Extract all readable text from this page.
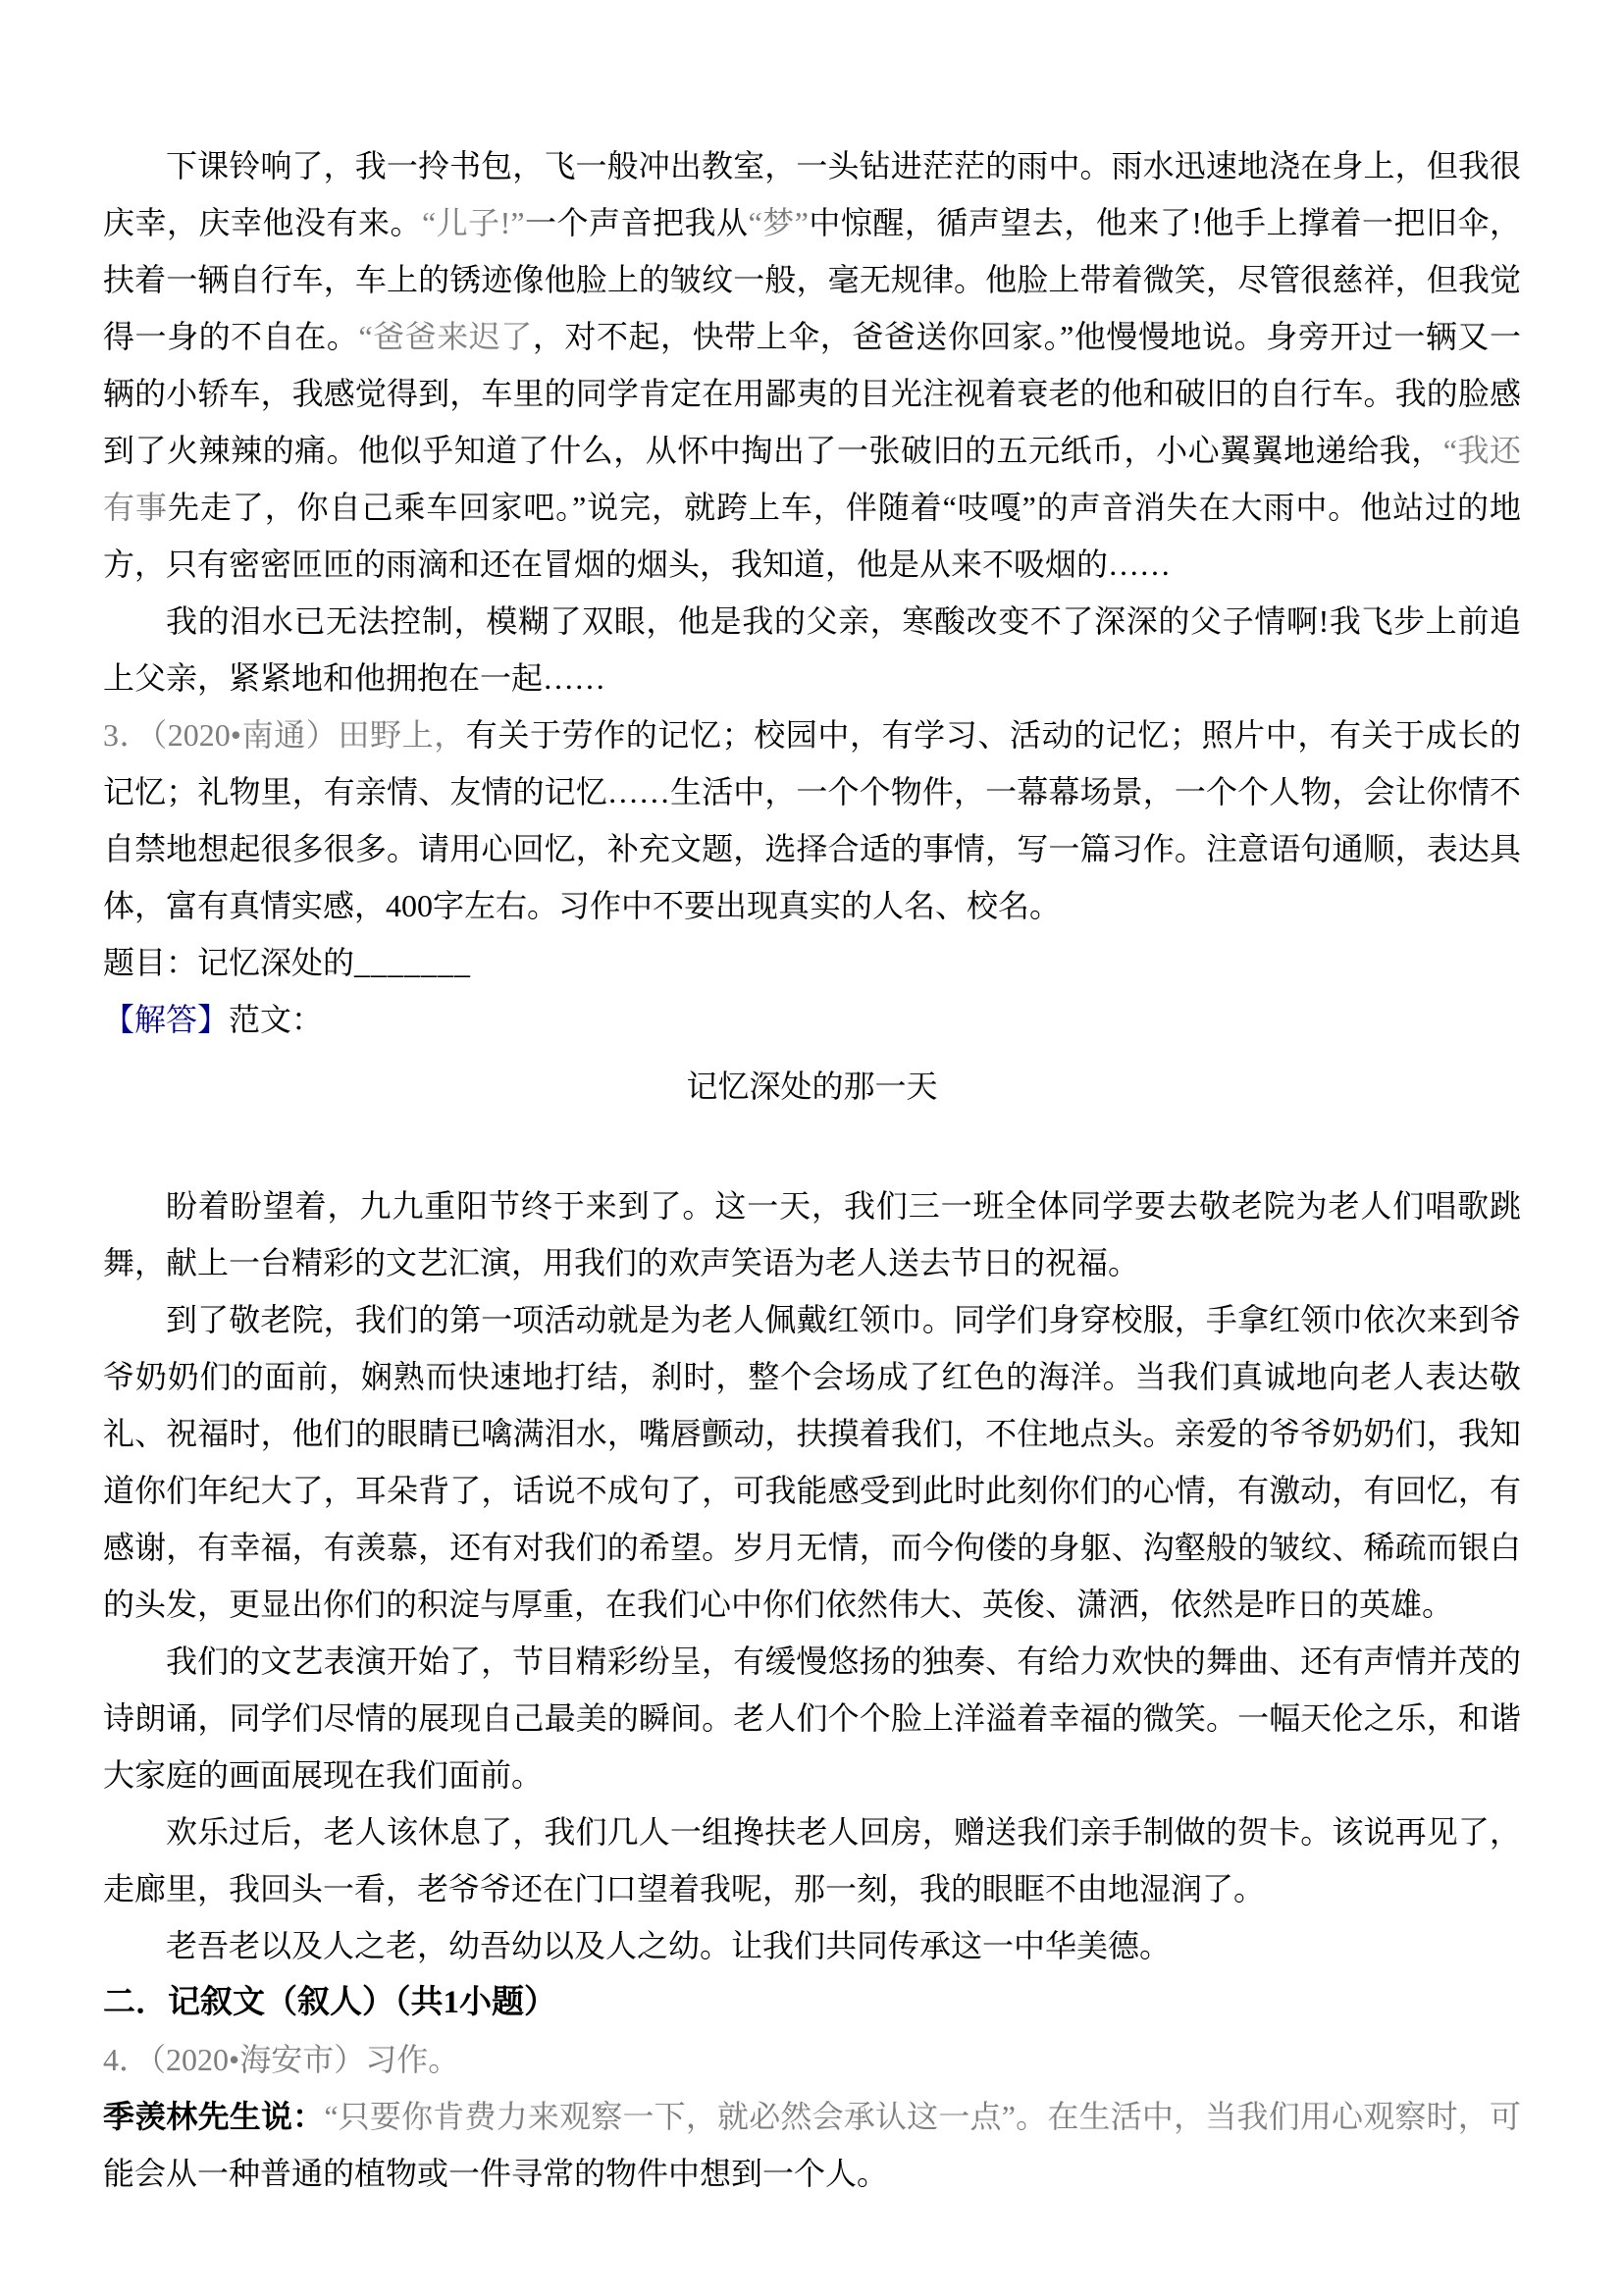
下课铃响了，我一拎书包，飞一般冲出教室，一头钻进茫茫的雨中。雨水迅速地浇在身上，但我很庆幸，庆幸他没有来。“儿子!”一个声音把我从“梦”中惊醒，循声望去，他来了!他手上撑着一把旧伞，扶着一辆自行车，车上的锈迹像他脸上的皱纹一般，毫无规律。他脸上带着微笑，尽管很慈祥，但我觉得一身的不自在。“爸爸来迟了，对不起，快带上伞，爸爸送你回家。”他慢慢地说。身旁开过一辆又一辆的小轿车，我感觉得到，车里的同学肯定在用鄙夷的目光注视着衰老的他和破旧的自行车。我的脸感到了火辣辣的痛。他似乎知道了什么，从怀中掏出了一张破旧的五元纸币，小心翼翼地递给我，“我还有事先走了，你自己乘车回家吧。”说完，就跨上车，伴随着“吱嘎”的声音消失在大雨中。他站过的地方，只有密密匝匝的雨滴和还在冒烟的烟头，我知道，他是从来不吸烟的……

我的泪水已无法控制，模糊了双眼，他是我的父亲，寒酸改变不了深深的父子情啊!我飞步上前追上父亲，紧紧地和他拥抱在一起……

3．（2020•南通）田野上，有关于劳作的记忆；校园中，有学习、活动的记忆；照片中，有关于成长的记忆；礼物里，有亲情、友情的记忆……生活中，一个个物件，一幕幕场景，一个个人物，会让你情不自禁地想起很多很多。请用心回忆，补充文题，选择合适的事情，写一篇习作。注意语句通顺，表达具体，富有真情实感，400字左右。习作中不要出现真实的人名、校名。

题目：记忆深处的_______

【解答】范文：

记忆深处的那一天

盼着盼望着，九九重阳节终于来到了。这一天，我们三一班全体同学要去敬老院为老人们唱歌跳舞，献上一台精彩的文艺汇演，用我们的欢声笑语为老人送去节日的祝福。

到了敬老院，我们的第一项活动就是为老人佩戴红领巾。同学们身穿校服，手拿红领巾依次来到爷爷奶奶们的面前，娴熟而快速地打结，刹时，整个会场成了红色的海洋。当我们真诚地向老人表达敬礼、祝福时，他们的眼睛已噙满泪水，嘴唇颤动，扶摸着我们，不住地点头。亲爱的爷爷奶奶们，我知道你们年纪大了，耳朵背了，话说不成句了，可我能感受到此时此刻你们的心情，有激动，有回忆，有感谢，有幸福，有羡慕，还有对我们的希望。岁月无情，而今佝偻的身躯、沟壑般的皱纹、稀疏而银白的头发，更显出你们的积淀与厚重，在我们心中你们依然伟大、英俊、潇洒，依然是昨日的英雄。

我们的文艺表演开始了，节目精彩纷呈，有缓慢悠扬的独奏、有给力欢快的舞曲、还有声情并茂的诗朗诵，同学们尽情的展现自己最美的瞬间。老人们个个脸上洋溢着幸福的微笑。一幅天伦之乐，和谐大家庭的画面展现在我们面前。

欢乐过后，老人该休息了，我们几人一组搀扶老人回房，赠送我们亲手制做的贺卡。该说再见了，走廊里，我回头一看，老爷爷还在门口望着我呢，那一刻，我的眼眶不由地湿润了。

老吾老以及人之老，幼吾幼以及人之幼。让我们共同传承这一中华美德。

二．记叙文（叙人）（共1小题）

4．（2020•海安市）习作。

季羡林先生说：“只要你肯费力来观察一下，就必然会承认这一点”。在生活中，当我们用心观察时，可能会从一种普通的植物或一件寻常的物件中想到一个人。
